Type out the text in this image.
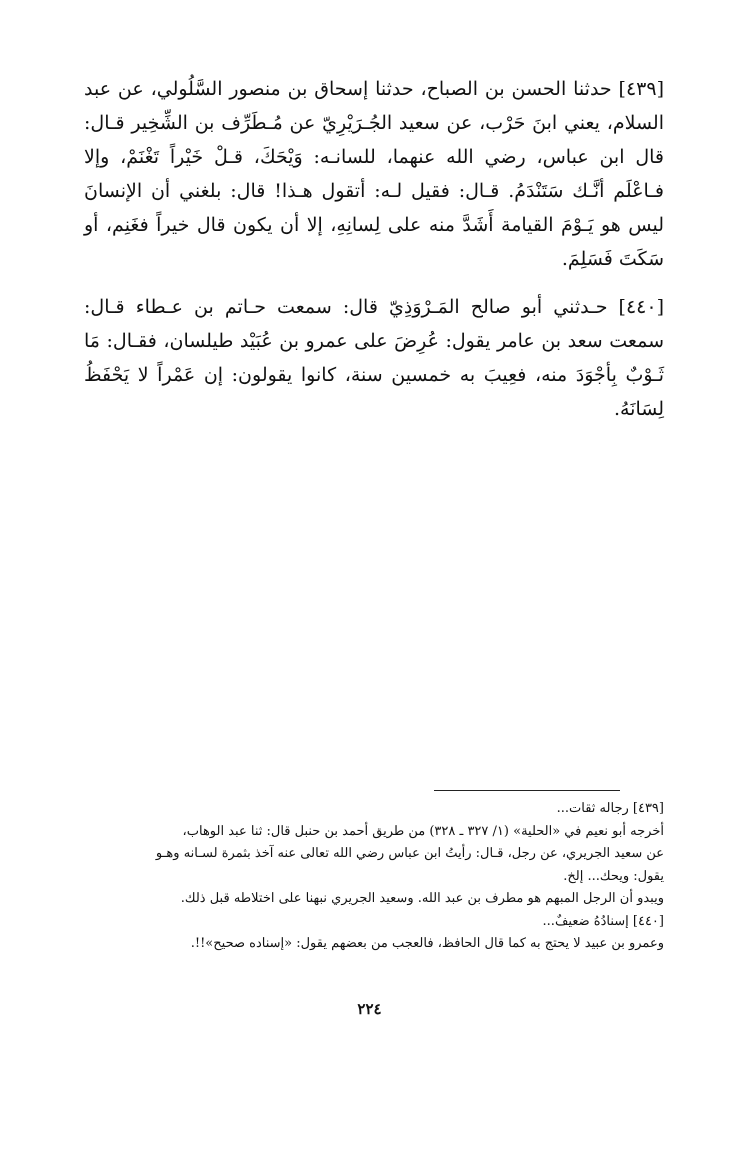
[٤٣٩] حدثنا الحسن بن الصباح، حدثنا إسحاق بن منصور السَّلُولي، عن عبد السلام، يعني ابنَ حَرْب، عن سعيد الجُـرَيْرِيّ عن مُـطَرِّف بن الشِّخِير قـال: قال ابن عباس، رضي الله عنهما، للسانـه: وَيْحَكَ، قـلْ خَيْراً تَغْنَمْ، وإلا فـاعْلَم أنَّـك سَتَنْدَمُ. قـال: فقيل لـه: أتقول هـذا! قال: بلغني أن الإنسانَ ليس هو يَـوْمَ القيامة أَشَدَّ منه على لِسانِهِ، إلا أن يكون قال خيراً فغَنِم، أو سَكَتَ فَسَلِمَ.

[٤٤٠] حـدثني أبو صالح المَـرْوَذِيّ قال: سمعت حـاتم بن عـطاء قـال: سمعت سعد بن عامر يقول: عُرِضَ على عمرو بن عُبَيْد طيلسان، فقـال: مَا ثَـوْبٌ بِأجْوَدَ منه، فعِيبَ به خمسين سنة، كانوا يقولون: إن عَمْراً لا يَحْفَظُ لِسَانَهُ.

[٤٣٩] رجاله ثقات...

أخرجه أبو نعيم في «الحلية» (١/ ٣٢٧ ـ ٣٢٨) من طريق أحمد بن حنبل قال: ثنا عبد الوهاب،

عن سعيد الجريري، عن رجل، قـال: رأيتُ ابن عباس رضي الله تعالى عنه آخذ بثمرة لسـانه وهـو

يقول: ويحك... إلخ.

ويبدو أن الرجل المبهم هو مطرف بن عبد الله. وسعيد الجريري نبهنا على اختلاطه قبل ذلك.

[٤٤٠] إسنادُهُ ضعيفٌ...

وعمرو بن عبيد لا يحتج به كما قال الحافظ، فالعجب من بعضهم يقول: «إسناده صحيح»!!.

٢٢٤
